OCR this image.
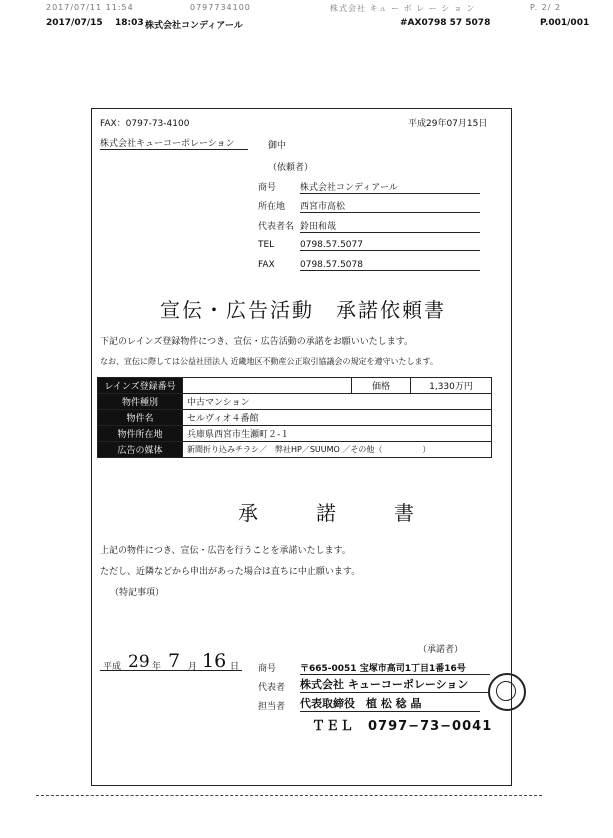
2017/07/11 11:54	0797734100	株式会社 キュ ー ボ レ ー シ ョ ン	P. 2/ 2
2017/07/15 18:03 株式会社コンディアール	#AX0798 57 5078	P.001/001
FAX：0797-73-4100	平成29年07月15日
株式会社キューコーポレーション	御中
（依頼者）
商号	株式会社コンディアール
所在地 西宮市高松
代表者名 鈴田和哉
TEL	0798.57.5077
FAX	0798.57.5078
宣伝・広告活動　承諾依頼書
下記のレインズ登録物件につき、宣伝・広告活動の承諾をお願いいたします。
なお、宣伝に際しては公益社団法人 近畿地区不動産公正取引協議会の規定を遵守いたします。
レインズ登録番号		価格	1,330万円
物件種別	中古マンション		
物件名	セルヴィオ４番館		
物件所在地	兵庫県西宮市生瀬町２-１		
広告の媒体	新聞折り込みチラシ／　弊社HP／SUUMO ／その他（　　　　　）		
承　　諾　　書
上記の物件につき、宣伝・広告を行うことを承諾いたします。
ただし、近隣などから申出があった場合は直ちに中止願います。
（特記事項）
（承諾者）
平成 29 年 7 月 16 日 商号	〒665-0051 宝塚市高司1丁目1番16号
代表者 株式会社 キューコーポレーション
担当者 代表取締役　植 松 稔 晶
ＴＥＬ　0797−73−0041
